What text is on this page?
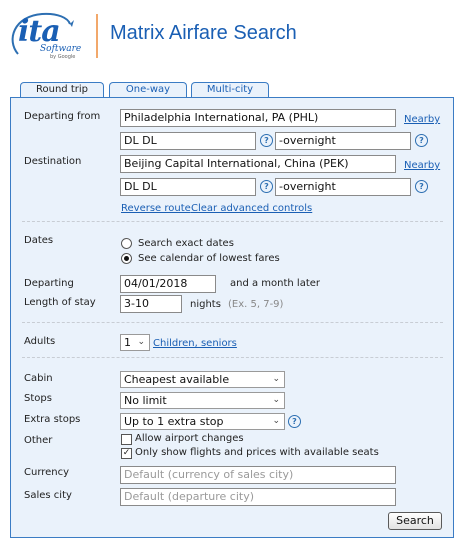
ita
Software
by Google
Matrix Airfare Search
Round trip	One-way	Multi-city
Departing from	Philadelphia International, PA (PHL)	Nearby
DL DL	? -overnight	?
Destination	Beijing Capital International, China (PEK)	Nearby
DL DL	? -overnight	?
Reverse route Clear advanced controls
Dates	Search exact dates
See calendar of lowest fares
Departing	04/01/2018	and a month later
Length of stay	3-10	nights (Ex. 5, 7-9)
Adults	1 ⌄ Children, seniors
Cabin	Cheapest available	⌄
Stops	No limit	⌄
Extra stops	Up to 1 extra stop	⌄	?
Other	Allow airport changes
✓ Only show flights and prices with available seats
Currency	Default (currency of sales city)
Sales city	Default (departure city)
Search
